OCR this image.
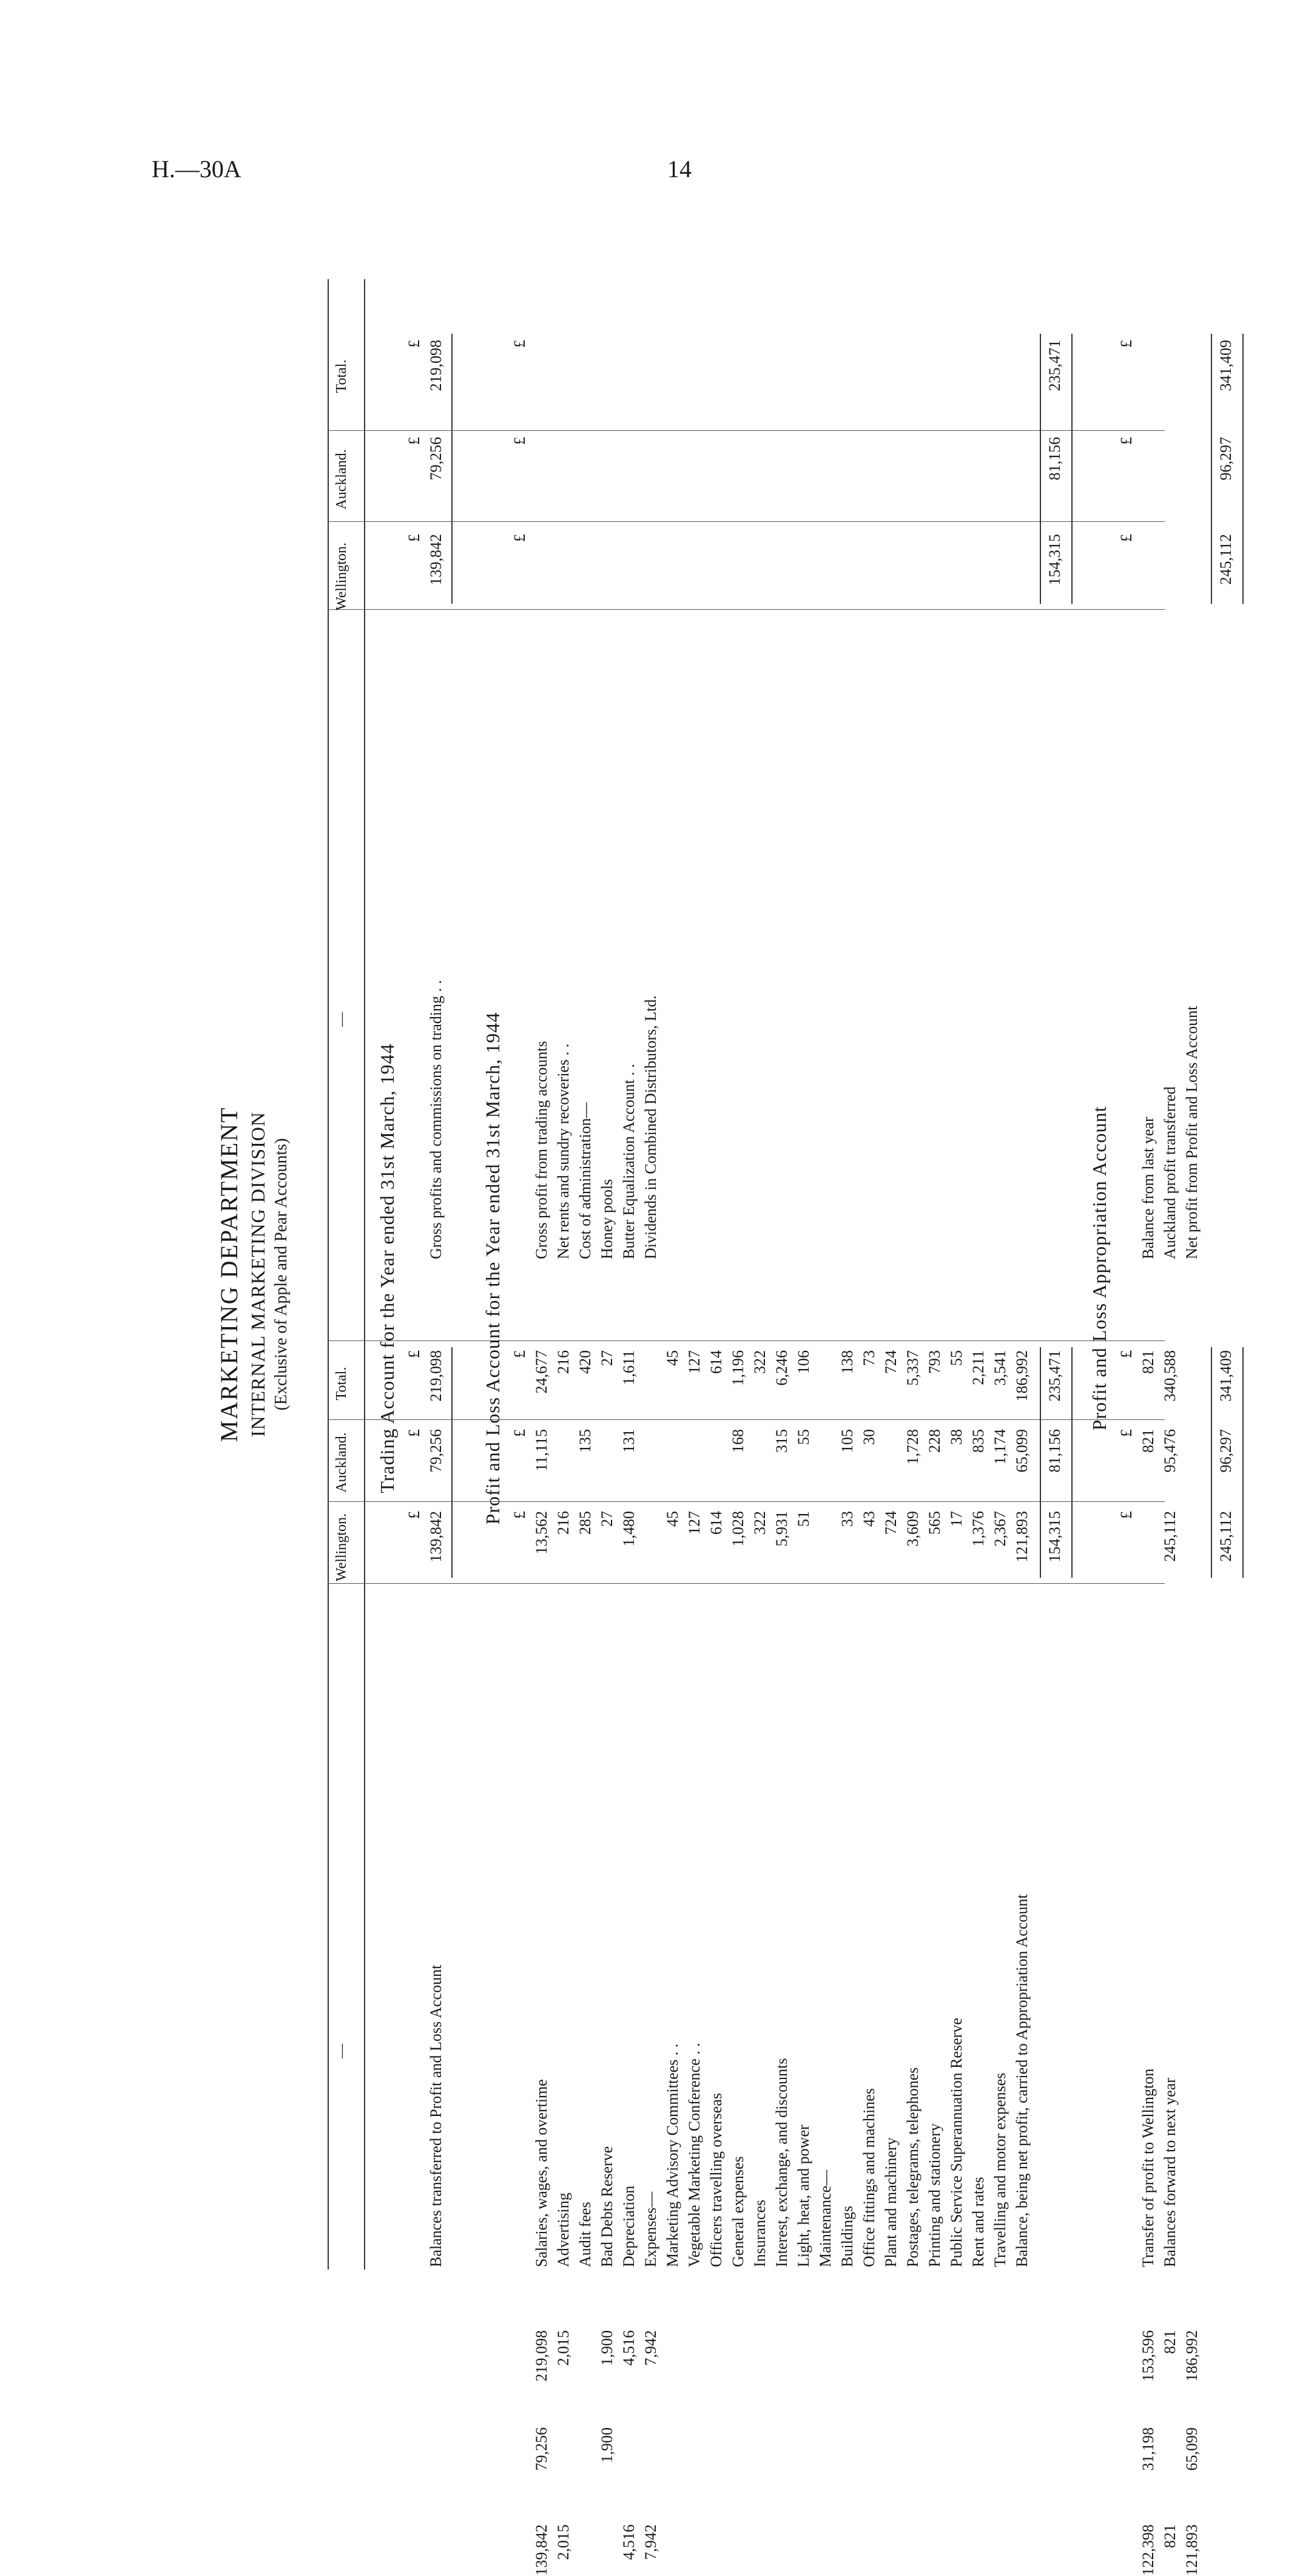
H.—30A	14
MARKETING DEPARTMENT INTERNAL MARKETING DIVISION (Exclusive of Apple and Pear Accounts)
—
Wellington.
Auckland.
Total.
—
Wellington.
Auckland.
Total.
Trading Account for the Year ended 31st March, 1944
£
£
£
£
£
£
Balances transferred to Profit and Loss Account
139,842
79,256
219,098
Gross profits and commissions on trading . .
139,842
79,256
219,098
Profit and Loss Account for the Year ended 31st March, 1944 £
£
£
£
£
£
Salaries, wages, and overtime
13,562
11,115
24,677
Advertising
216
216
Audit fees
285
135
420
Bad Debts Reserve
27
27
Depreciation
1,480
131
1,611
Expenses— Marketing Advisory Committees . .
45
45
Vegetable Marketing Conference . .
127
127
Officers travelling overseas
614
614
General expenses
1,028
168
1,196
Insurances
322
322
Interest, exchange, and discounts
5,931
315
6,246
Light, heat, and power
51
55
106
Maintenance— Buildings
33
105
138
Office fittings and machines
43
30
73
Plant and machinery
724
724
Postages, telegrams, telephones
3,609
1,728
5,337
Printing and stationery
565
228
793
Public Service Superannuation Reserve
17
38
55
Rent and rates
1,376
835
2,211
Travelling and motor expenses
2,367
1,174
3,541
Balance, being net profit, carried to Appropriation Account
121,893
65,099
186,992
Gross profit from trading accounts
139,842
79,256
219,098
Net rents and sundry recoveries . .
2,015
2,015
Cost of administration— Honey pools
1,900
1,900
Butter Equalization Account . .
4,516
4,516
Dividends in Combined Distributors, Ltd.
7,942
7,942
154,315
154,315
81,156
81,156
235,471
235,471
Profit and Loss Appropriation Account
£
£
£
£
£
£
Transfer of profit to Wellington
821
821
Balances forward to next year
245,112
95,476
340,588
Balance from last year
122,398
31,198
153,596
Auckland profit transferred
821
821
Net profit from Profit and Loss Account
121,893
65,099
186,992
245,112
245,112
96,297
96,297
341,409
341,409
